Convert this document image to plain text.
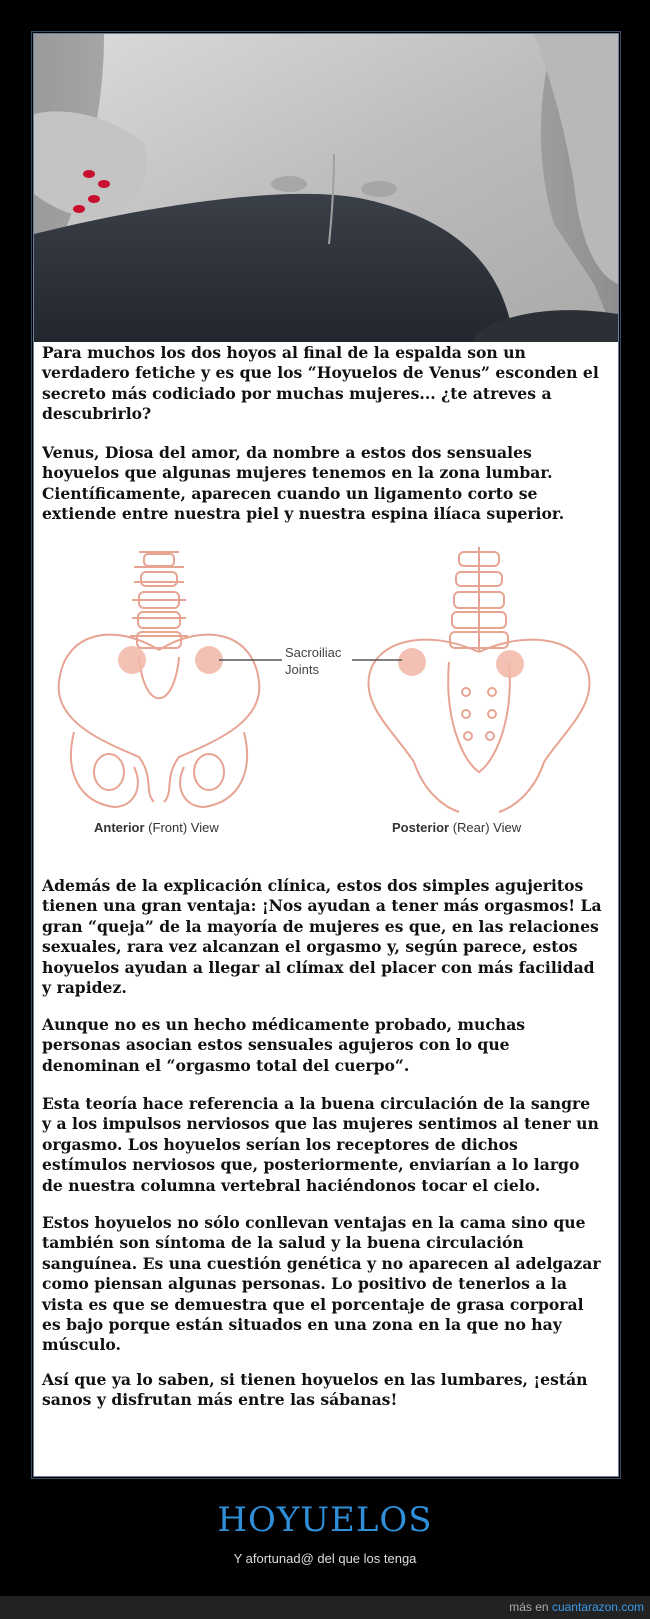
Para muchos los dos hoyos al final de la espalda son un verdadero fetiche y es que los “Hoyuelos de Venus” esconden el secreto más codiciado por muchas mujeres... ¿te atreves a descubrirlo?

Venus, Diosa del amor, da nombre a estos dos sensuales hoyuelos que algunas mujeres tenemos en la zona lumbar. Científicamente, aparecen cuando un ligamento corto se extiende entre nuestra piel y nuestra espina ilíaca superior.

Sacroiliac
Joints
Anterior (Front) View	Posterior (Rear) View

Además de la explicación clínica, estos dos simples agujeritos tienen una gran ventaja: ¡Nos ayudan a tener más orgasmos! La gran “queja” de la mayoría de mujeres es que, en las relaciones sexuales, rara vez alcanzan el orgasmo y, según parece, estos hoyuelos ayudan a llegar al clímax del placer con más facilidad y rapidez.

Aunque no es un hecho médicamente probado, muchas personas asocian estos sensuales agujeros con lo que denominan el “orgasmo total del cuerpo“.

Esta teoría hace referencia a la buena circulación de la sangre y a los impulsos nerviosos que las mujeres sentimos al tener un orgasmo. Los hoyuelos serían los receptores de dichos estímulos nerviosos que, posteriormente, enviarían a lo largo de nuestra columna vertebral haciéndonos tocar el cielo.

Estos hoyuelos no sólo conllevan ventajas en la cama sino que también son síntoma de la salud y la buena circulación sanguínea. Es una cuestión genética y no aparecen al adelgazar como piensan algunas personas. Lo positivo de tenerlos a la vista es que se demuestra que el porcentaje de grasa corporal es bajo porque están situados en una zona en la que no hay músculo.

Así que ya lo saben, si tienen hoyuelos en las lumbares, ¡están sanos y disfrutan más entre las sábanas!

HOYUELOS
Y afortunad@ del que los tenga
más en cuantarazon.com
